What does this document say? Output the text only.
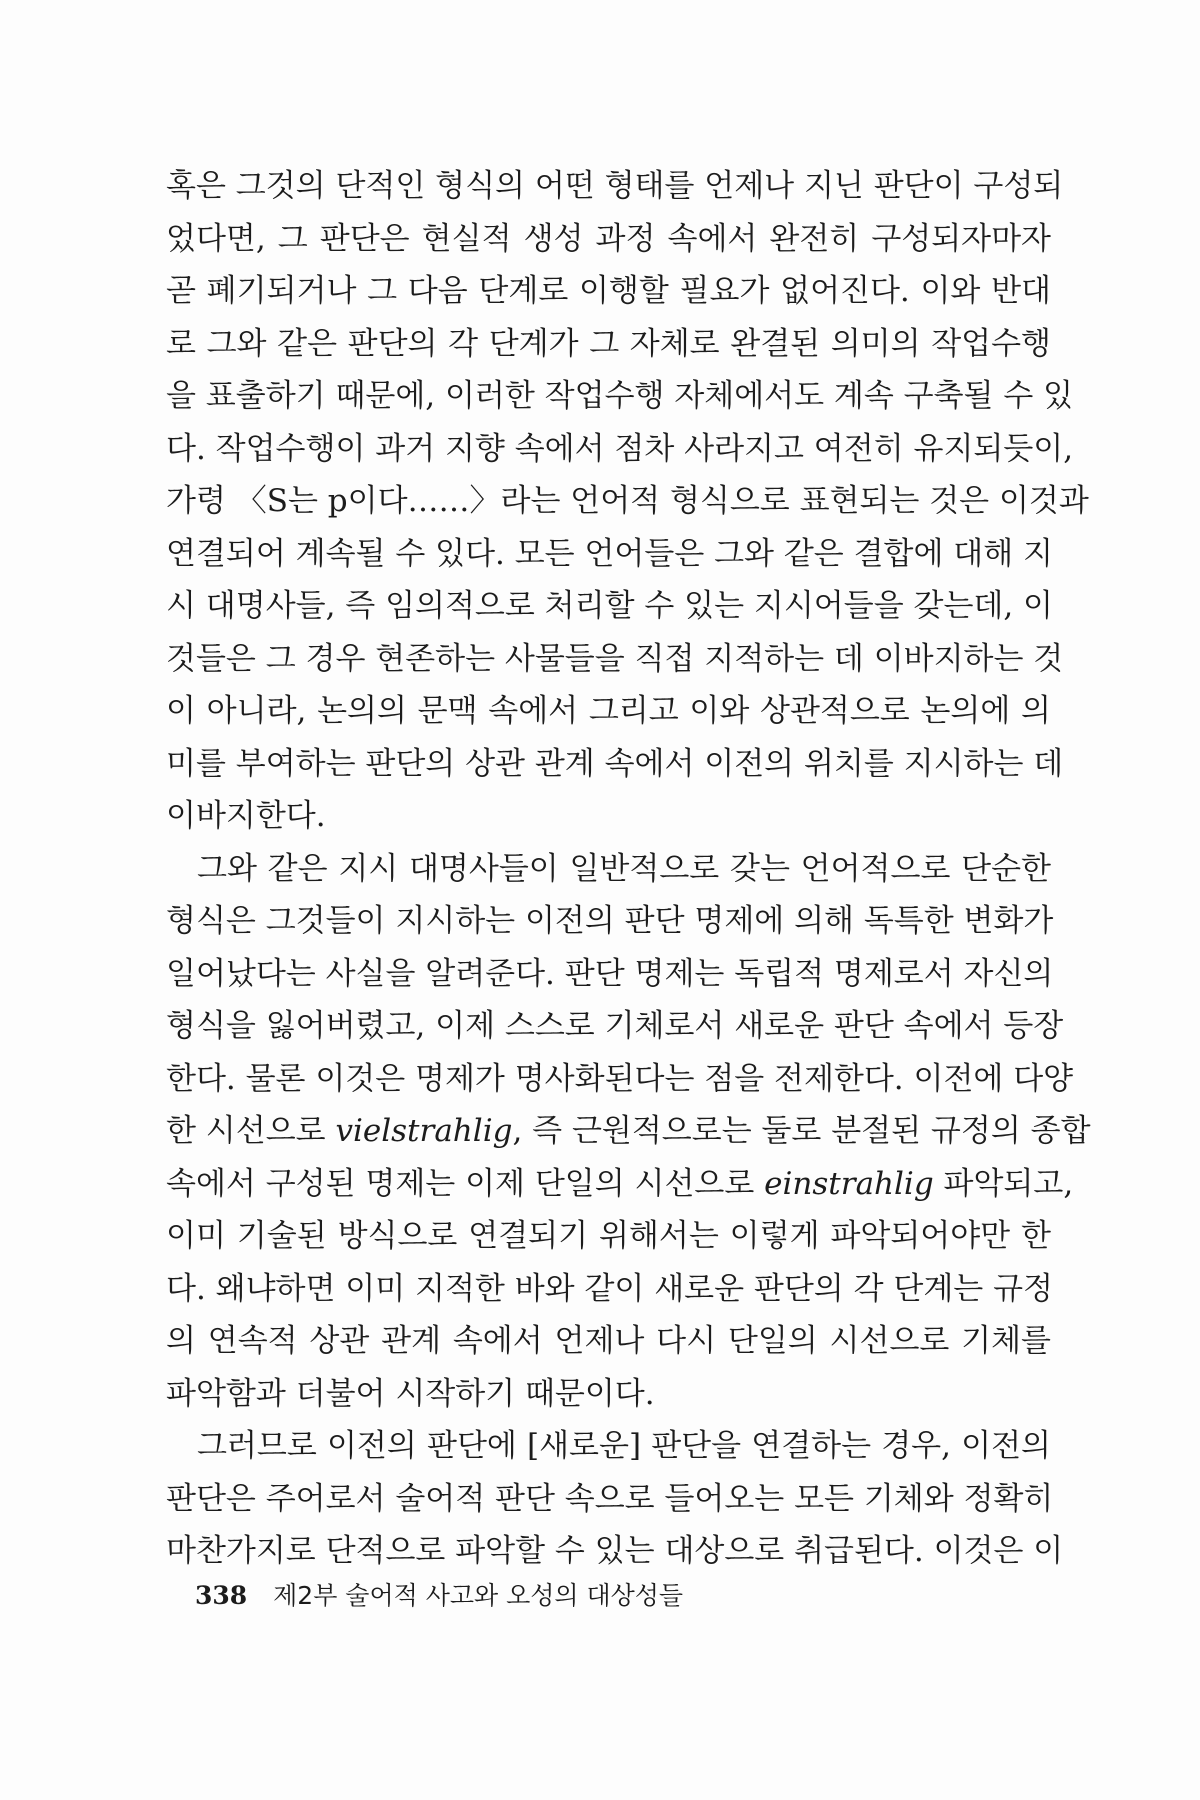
혹은 그것의 단적인 형식의 어떤 형태를 언제나 지닌 판단이 구성되
었다면, 그 판단은 현실적 생성 과정 속에서 완전히 구성되자마자
곧 폐기되거나 그 다음 단계로 이행할 필요가 없어진다. 이와 반대
로 그와 같은 판단의 각 단계가 그 자체로 완결된 의미의 작업수행
을 표출하기 때문에, 이러한 작업수행 자체에서도 계속 구축될 수 있
다. 작업수행이 과거 지향 속에서 점차 사라지고 여전히 유지되듯이,
가령 〈S는 p이다……〉라는 언어적 형식으로 표현되는 것은 이것과
연결되어 계속될 수 있다. 모든 언어들은 그와 같은 결합에 대해 지
시 대명사들, 즉 임의적으로 처리할 수 있는 지시어들을 갖는데, 이
것들은 그 경우 현존하는 사물들을 직접 지적하는 데 이바지하는 것
이 아니라, 논의의 문맥 속에서 그리고 이와 상관적으로 논의에 의
미를 부여하는 판단의 상관 관계 속에서 이전의 위치를 지시하는 데
이바지한다.
그와 같은 지시 대명사들이 일반적으로 갖는 언어적으로 단순한
형식은 그것들이 지시하는 이전의 판단 명제에 의해 독특한 변화가
일어났다는 사실을 알려준다. 판단 명제는 독립적 명제로서 자신의
형식을 잃어버렸고, 이제 스스로 기체로서 새로운 판단 속에서 등장
한다. 물론 이것은 명제가 명사화된다는 점을 전제한다. 이전에 다양
한 시선으로 vielstrahlig, 즉 근원적으로는 둘로 분절된 규정의 종합
속에서 구성된 명제는 이제 단일의 시선으로 einstrahlig 파악되고,
이미 기술된 방식으로 연결되기 위해서는 이렇게 파악되어야만 한
다. 왜냐하면 이미 지적한 바와 같이 새로운 판단의 각 단계는 규정
의 연속적 상관 관계 속에서 언제나 다시 단일의 시선으로 기체를
파악함과 더불어 시작하기 때문이다.
그러므로 이전의 판단에 [새로운] 판단을 연결하는 경우, 이전의
판단은 주어로서 술어적 판단 속으로 들어오는 모든 기체와 정확히
마찬가지로 단적으로 파악할 수 있는 대상으로 취급된다. 이것은 이
338 제2부 술어적 사고와 오성의 대상성들
